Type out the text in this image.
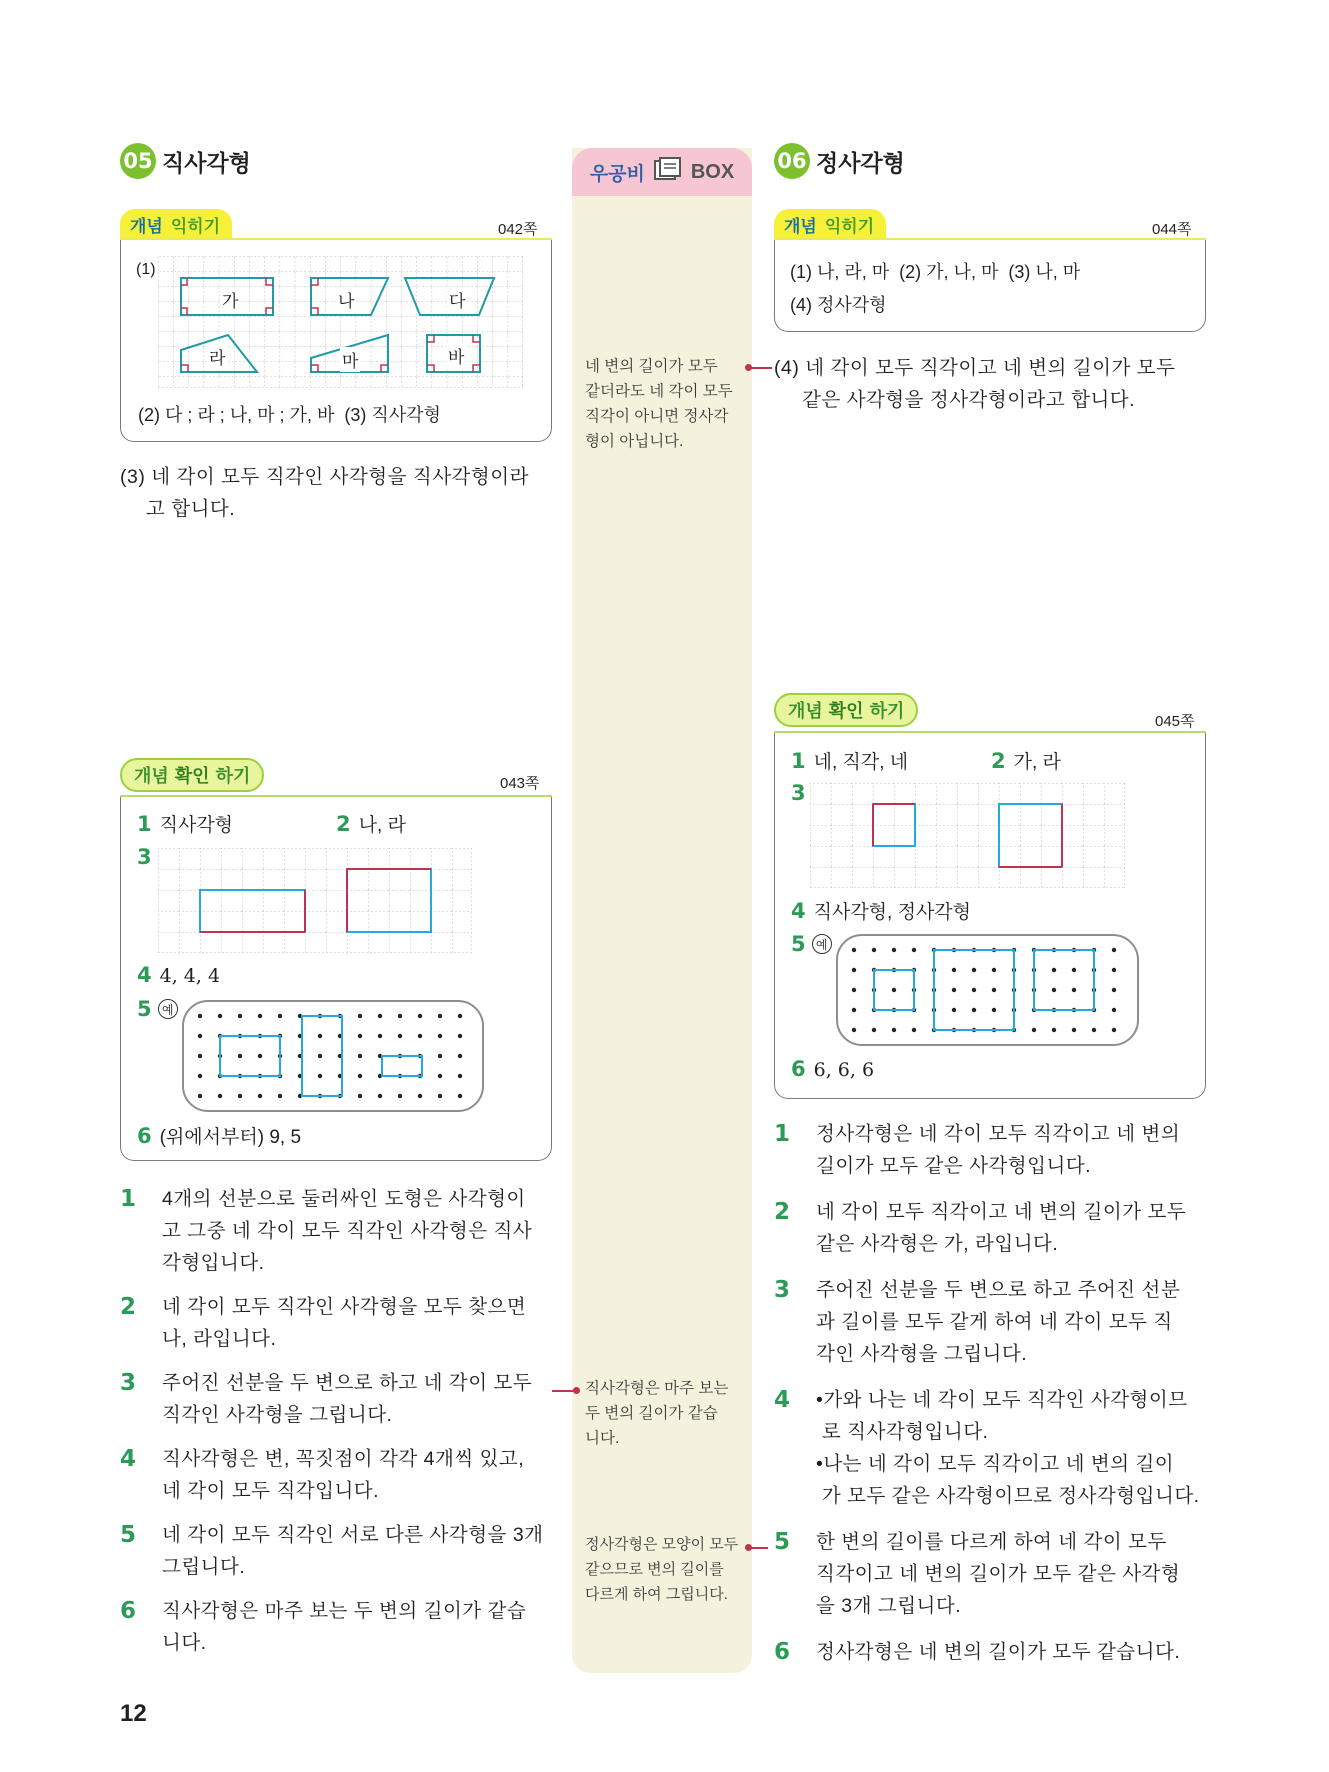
우공비 BOX
네 변의 길이가 모두
같더라도 네 각이 모두
직각이 아니면 정사각
형이 아닙니다.
직사각형은 마주 보는
두 변의 길이가 같습
니다.
정사각형은 모양이 모두
같으므로 변의 길이를
다르게 하여 그립니다.
05 직사각형
개념 익히기	042쪽
(1)
가	나	다
라	마	바
(2) 다 ; 라 ; 나, 마 ; 가, 바  (3) 직사각형
(3) 네 각이 모두 직각인 사각형을 직사각형이라
고 합니다.
개념 확인 하기	043쪽
1 직사각형	2 나, 라
3
4 4, 4, 4
5 예
6 (위에서부터) 9, 5
1	4개의 선분으로 둘러싸인 도형은 사각형이
고 그중 네 각이 모두 직각인 사각형은 직사
각형입니다.
2	네 각이 모두 직각인 사각형을 모두 찾으면
나, 라입니다.
3	주어진 선분을 두 변으로 하고 네 각이 모두
직각인 사각형을 그립니다.
4	직사각형은 변, 꼭짓점이 각각 4개씩 있고,
네 각이 모두 직각입니다.
5	네 각이 모두 직각인 서로 다른 사각형을 3개
그립니다.
6	직사각형은 마주 보는 두 변의 길이가 같습
니다.
12
06 정사각형
개념 익히기	044쪽
(1) 나, 라, 마  (2) 가, 나, 마  (3) 나, 마
(4) 정사각형
(4) 네 각이 모두 직각이고 네 변의 길이가 모두
같은 사각형을 정사각형이라고 합니다.
개념 확인 하기
045쪽
1 네, 직각, 네	2 가, 라
3
4 직사각형, 정사각형
5 예
6 6, 6, 6
1	정사각형은 네 각이 모두 직각이고 네 변의
길이가 모두 같은 사각형입니다.
2	네 각이 모두 직각이고 네 변의 길이가 모두
같은 사각형은 가, 라입니다.
3	주어진 선분을 두 변으로 하고 주어진 선분
과 길이를 모두 같게 하여 네 각이 모두 직
각인 사각형을 그립니다.
4	•가와 나는 네 각이 모두 직각인 사각형이므
로 직사각형입니다.
•나는 네 각이 모두 직각이고 네 변의 길이
가 모두 같은 사각형이므로 정사각형입니다.
5	한 변의 길이를 다르게 하여 네 각이 모두
직각이고 네 변의 길이가 모두 같은 사각형
을 3개 그립니다.
6	정사각형은 네 변의 길이가 모두 같습니다.
